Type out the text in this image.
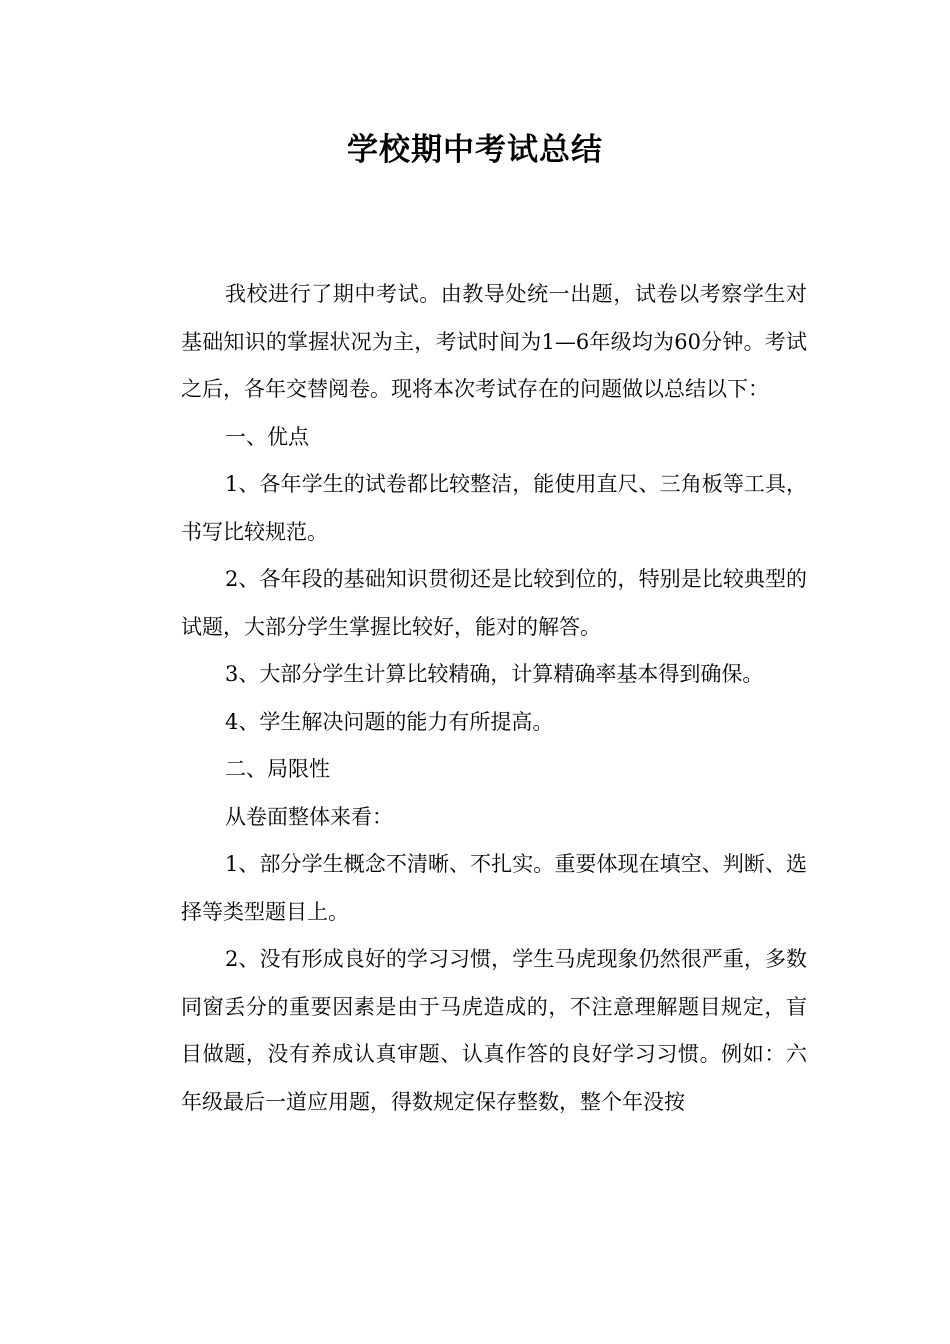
学校期中考试总结

我校进行了期中考试。由教导处统一出题，试卷以考察学生对基础知识的掌握状况为主，考试时间为1—6年级均为60分钟。考试之后，各年交替阅卷。现将本次考试存在的问题做以总结以下：

一、优点

1、各年学生的试卷都比较整洁，能使用直尺、三角板等工具，书写比较规范。

2、各年段的基础知识贯彻还是比较到位的，特别是比较典型的试题，大部分学生掌握比较好，能对的解答。

3、大部分学生计算比较精确，计算精确率基本得到确保。

4、学生解决问题的能力有所提高。

二、局限性

从卷面整体来看：

1、部分学生概念不清晰、不扎实。重要体现在填空、判断、选择等类型题目上。

2、没有形成良好的学习习惯，学生马虎现象仍然很严重，多数同窗丢分的重要因素是由于马虎造成的，不注意理解题目规定，盲目做题，没有养成认真审题、认真作答的良好学习习惯。例如：六年级最后一道应用题，得数规定保存整数，整个年没按
